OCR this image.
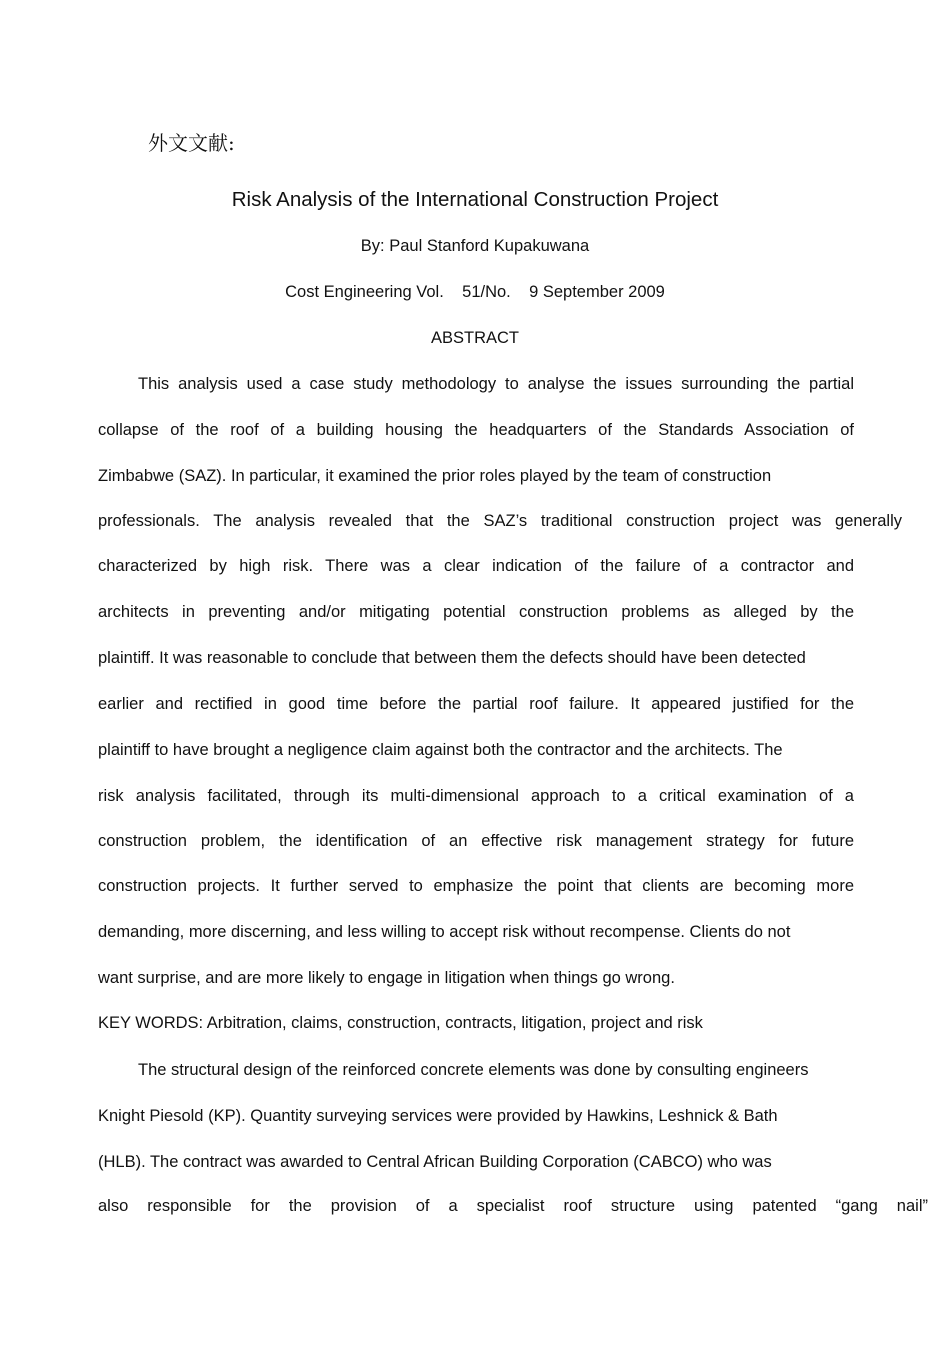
外文文献:
Risk Analysis of the International Construction Project
By: Paul Stanford Kupakuwana
Cost Engineering Vol.    51/No.    9 September 2009
ABSTRACT
This analysis used a case study methodology to analyse the issues surrounding the partial
collapse of the roof of a building housing the headquarters of the Standards Association of
Zimbabwe (SAZ). In particular, it examined the prior roles played by the team of construction
professionals. The analysis revealed that the SAZ’s traditional construction project was generally
characterized by high risk. There was a clear indication of the failure of a contractor and
architects in preventing and/or mitigating potential construction problems as alleged by the
plaintiff. It was reasonable to conclude that between them the defects should have been detected
earlier and rectified in good time before the partial roof failure. It appeared justified for the
plaintiff to have brought a negligence claim against both the contractor and the architects. The
risk analysis facilitated, through its multi-dimensional approach to a critical examination of a
construction problem, the identification of an effective risk management strategy for future
construction projects. It further served to emphasize the point that clients are becoming more
demanding, more discerning, and less willing to accept risk without recompense. Clients do not
want surprise, and are more likely to engage in litigation when things go wrong.
KEY WORDS: Arbitration, claims, construction, contracts, litigation, project and risk
The structural design of the reinforced concrete elements was done by consulting engineers
Knight Piesold (KP). Quantity surveying services were provided by Hawkins, Leshnick & Bath
(HLB). The contract was awarded to Central African Building Corporation (CABCO) who was
also responsible for the provision of a specialist roof structure using patented “gang nail”
